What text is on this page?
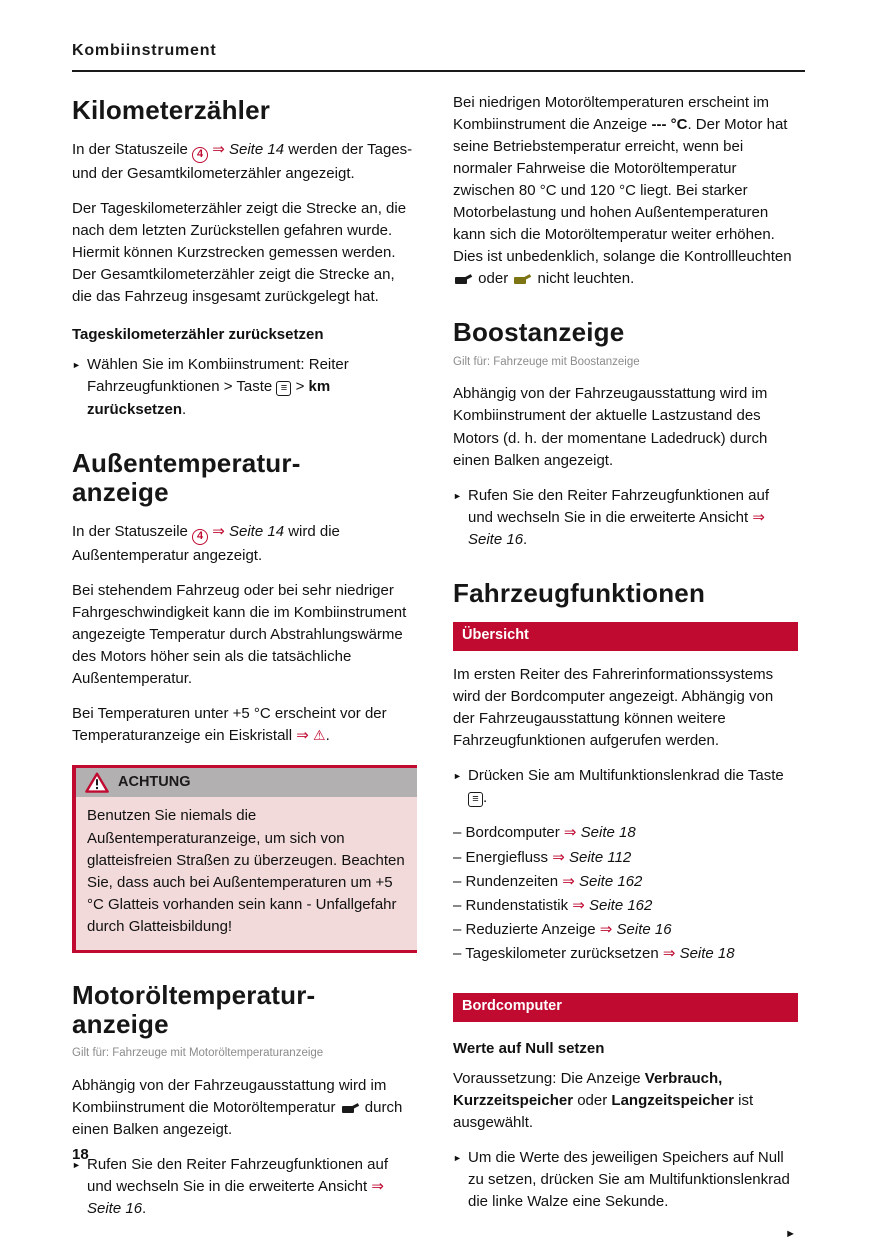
Kombiinstrument
Kilometerzähler

In der Statuszeile 4 ⇒ Seite 14 werden der Tages- und der Gesamtkilometerzähler angezeigt.

Der Tageskilometerzähler zeigt die Strecke an, die nach dem letzten Zurückstellen gefahren wurde. Hiermit können Kurzstrecken gemessen werden. Der Gesamtkilometerzähler zeigt die Strecke an, die das Fahrzeug insgesamt zurückgelegt hat.

Tageskilometerzähler zurücksetzen
► Wählen Sie im Kombiinstrument: Reiter Fahrzeugfunktionen > Taste ≡ > km zurücksetzen.
Außentemperatur-
anzeige

In der Statuszeile 4 ⇒ Seite 14 wird die Außentemperatur angezeigt.

Bei stehendem Fahrzeug oder bei sehr niedriger Fahrgeschwindigkeit kann die im Kombiinstrument angezeigte Temperatur durch Abstrahlungswärme des Motors höher sein als die tatsächliche Außentemperatur.

Bei Temperaturen unter +5 °C erscheint vor der Temperaturanzeige ein Eiskristall ⇒ ⚠.

ACHTUNG
Benutzen Sie niemals die Außentemperaturanzeige, um sich von glatteisfreien Straßen zu überzeugen. Beachten Sie, dass auch bei Außentemperaturen um +5 °C Glatteis vorhanden sein kann - Unfallgefahr durch Glatteisbildung!
Motoröltemperatur-
anzeige
Gilt für: Fahrzeuge mit Motoröltemperaturanzeige

Abhängig von der Fahrzeugausstattung wird im Kombiinstrument die Motoröltemperatur  durch einen Balken angezeigt.

► Rufen Sie den Reiter Fahrzeugfunktionen auf und wechseln Sie in die erweiterte Ansicht ⇒ Seite 16.

Bei niedrigen Motoröltemperaturen erscheint im Kombiinstrument die Anzeige --- °C. Der Motor hat seine Betriebstemperatur erreicht, wenn bei normaler Fahrweise die Motoröltemperatur zwischen 80 °C und 120 °C liegt. Bei starker Motorbelastung und hohen Außentemperaturen kann sich die Motoröltemperatur weiter erhöhen. Dies ist unbedenklich, solange die Kontrollleuchten  oder  nicht leuchten.

Boostanzeige
Gilt für: Fahrzeuge mit Boostanzeige

Abhängig von der Fahrzeugausstattung wird im Kombiinstrument der aktuelle Lastzustand des Motors (d. h. der momentane Ladedruck) durch einen Balken angezeigt.

► Rufen Sie den Reiter Fahrzeugfunktionen auf und wechseln Sie in die erweiterte Ansicht ⇒ Seite 16.
Fahrzeugfunktionen
Übersicht

Im ersten Reiter des Fahrerinformationssystems wird der Bordcomputer angezeigt. Abhängig von der Fahrzeugausstattung können weitere Fahrzeugfunktionen aufgerufen werden.

► Drücken Sie am Multifunktionslenkrad die Taste ≡ .
– Bordcomputer ⇒ Seite 18
– Energiefluss ⇒ Seite 112
– Rundenzeiten ⇒ Seite 162
– Rundenstatistik ⇒ Seite 162
– Reduzierte Anzeige ⇒ Seite 16
– Tageskilometer zurücksetzen ⇒ Seite 18
Bordcomputer
Werte auf Null setzen

Voraussetzung: Die Anzeige Verbrauch, Kurzzeitspeicher oder Langzeitspeicher ist ausgewählt.

► Um die Werte des jeweiligen Speichers auf Null zu setzen, drücken Sie am Multifunktionslenkrad die linke Walze eine Sekunde.
►
18
